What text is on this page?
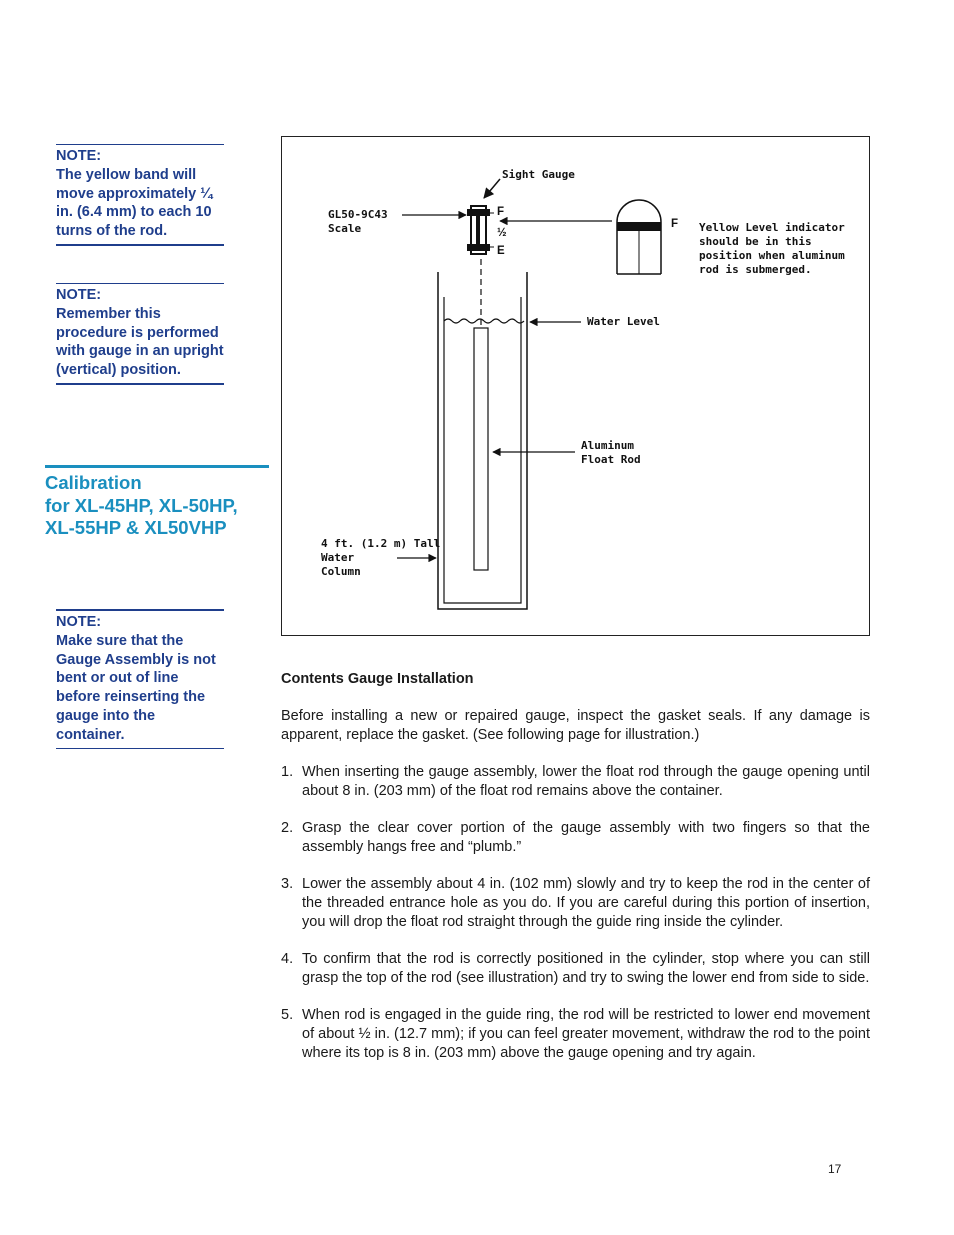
NOTE:
The yellow band will move approximately ¼ in. (6.4 mm) to each 10 turns of the rod.
NOTE:
Remember this procedure is performed with gauge in an upright (vertical) position.
Calibration
for XL-45HP, XL-50HP,
XL-55HP & XL50VHP
NOTE:
Make sure that the Gauge Assembly is not bent or out of line before reinserting the gauge into the container.
Sight Gauge
GL50-9C43
Scale
F
½
E
F Yellow Level indicator
should be in this
position when aluminum
rod is submerged.
Water Level
Aluminum
Float Rod
4 ft. (1.2 m) Tall
Water
Column
Contents Gauge Installation

Before installing a new or repaired gauge, inspect the gasket seals. If any damage is apparent, replace the gasket. (See following page for illustration.)

1. When inserting the gauge assembly, lower the float rod through the gauge opening until about 8 in. (203 mm) of the float rod remains above the container.
2. Grasp the clear cover portion of the gauge assembly with two fingers so that the assembly hangs free and “plumb.”
3. Lower the assembly about 4 in. (102 mm) slowly and try to keep the rod in the center of the threaded entrance hole as you do. If you are careful during this portion of insertion, you will drop the float rod straight through the guide ring inside the cylinder.
4. To confirm that the rod is correctly positioned in the cylinder, stop where you can still grasp the top of the rod (see illustration) and try to swing the lower end from side to side.
5. When rod is engaged in the guide ring, the rod will be restricted to lower end movement of about ½ in. (12.7 mm); if you can feel greater movement, withdraw the rod to the point where its top is 8 in. (203 mm) above the gauge opening and try again.
17
